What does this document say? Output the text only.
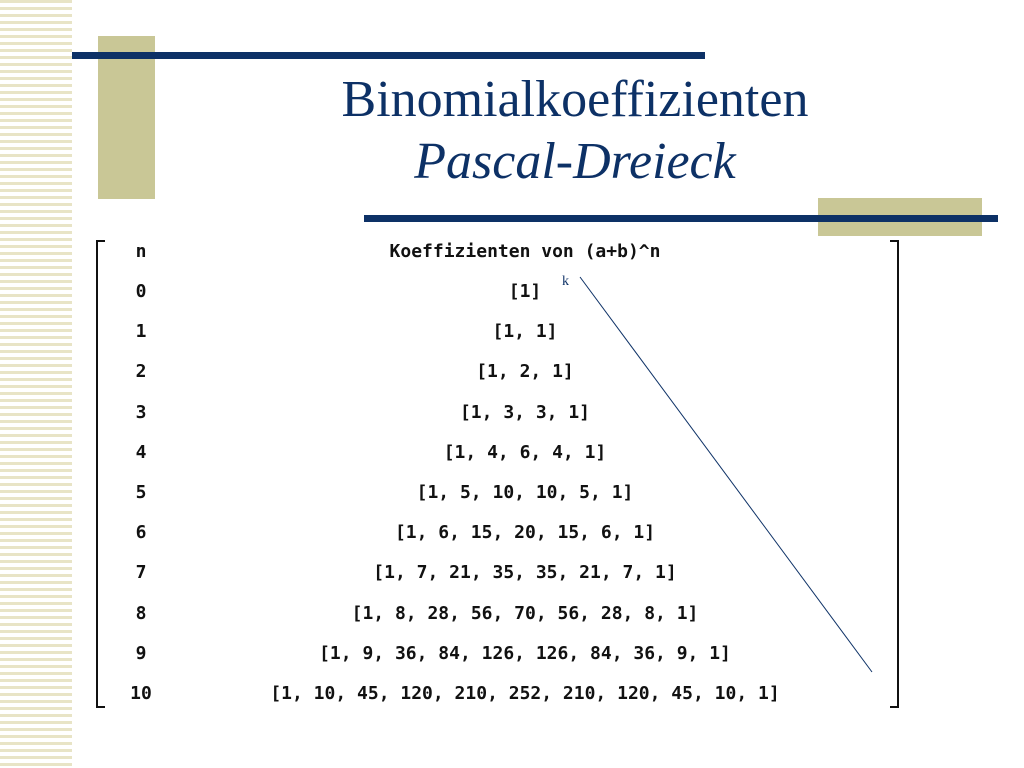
Binomialkoeffizienten
Pascal-Dreieck
n	Koeffizienten von (a+b)^n
0	[1]
1	[1, 1]
2	[1, 2, 1]
3	[1, 3, 3, 1]
4	[1, 4, 6, 4, 1]
5	[1, 5, 10, 10, 5, 1]
6	[1, 6, 15, 20, 15, 6, 1]
7	[1, 7, 21, 35, 35, 21, 7, 1]
8	[1, 8, 28, 56, 70, 56, 28, 8, 1]
9	[1, 9, 36, 84, 126, 126, 84, 36, 9, 1]
10	[1, 10, 45, 120, 210, 252, 210, 120, 45, 10, 1]
k
